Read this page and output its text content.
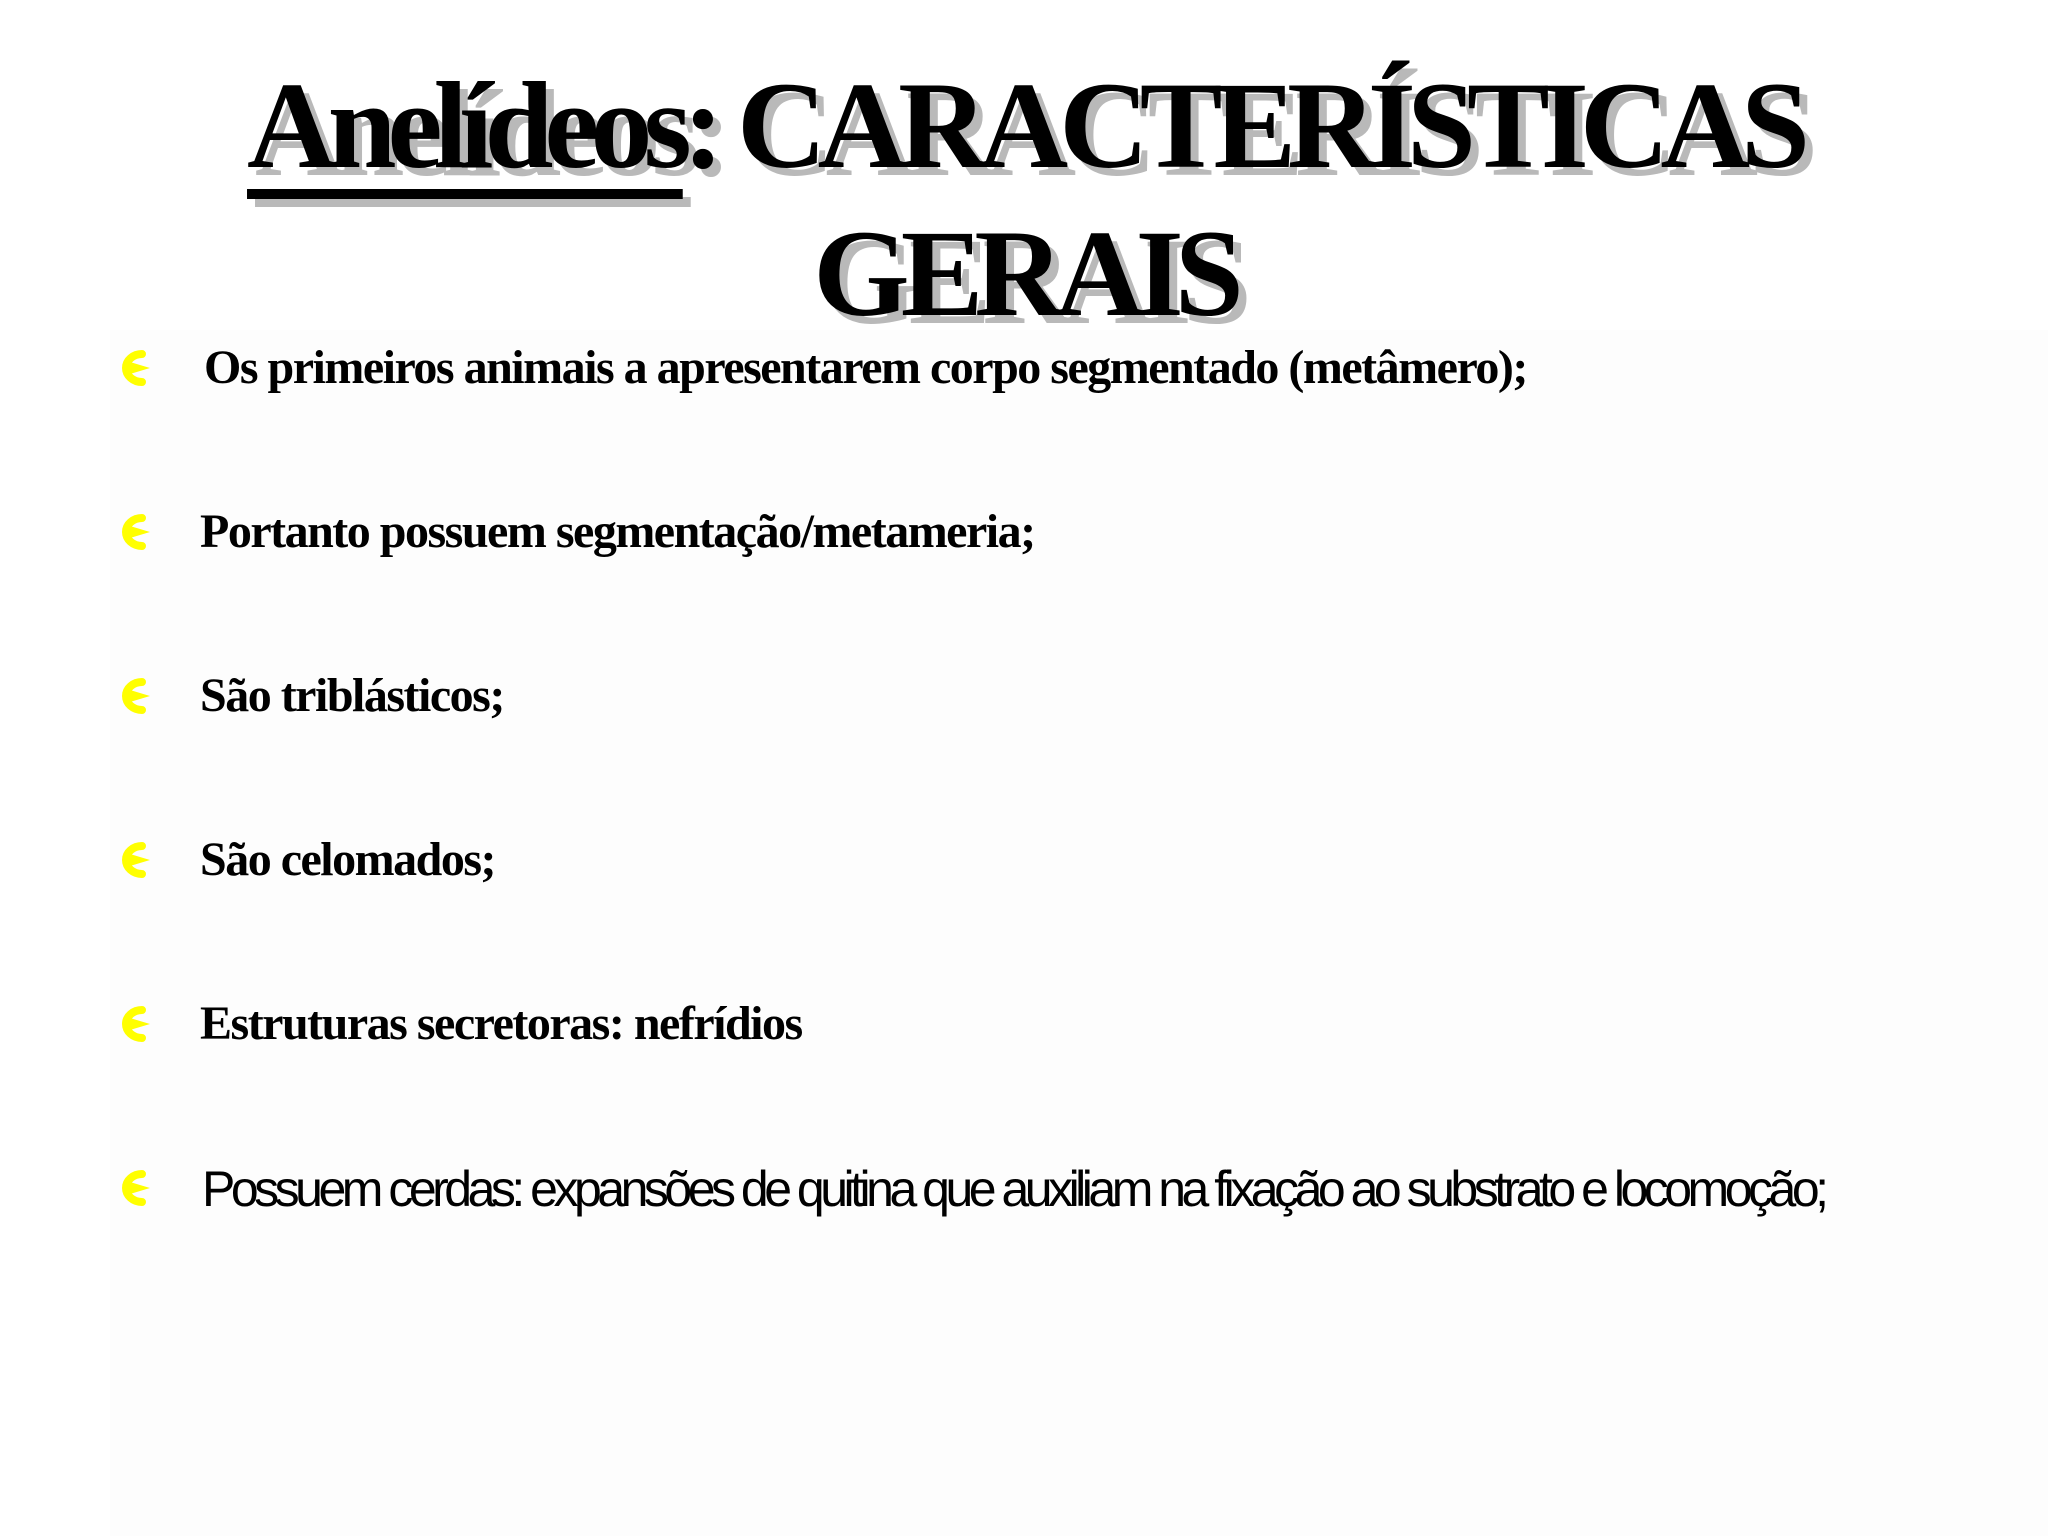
Anelídeos: CARACTERÍSTICAS
GERAIS
Os primeiros animais a apresentarem corpo segmentado (metâmero);
Portanto possuem segmentação/metameria;
São triblásticos;
São celomados;
Estruturas secretoras: nefrídios
Possuem cerdas: expansões de quitina que auxiliam na fixação ao substrato e locomoção;
